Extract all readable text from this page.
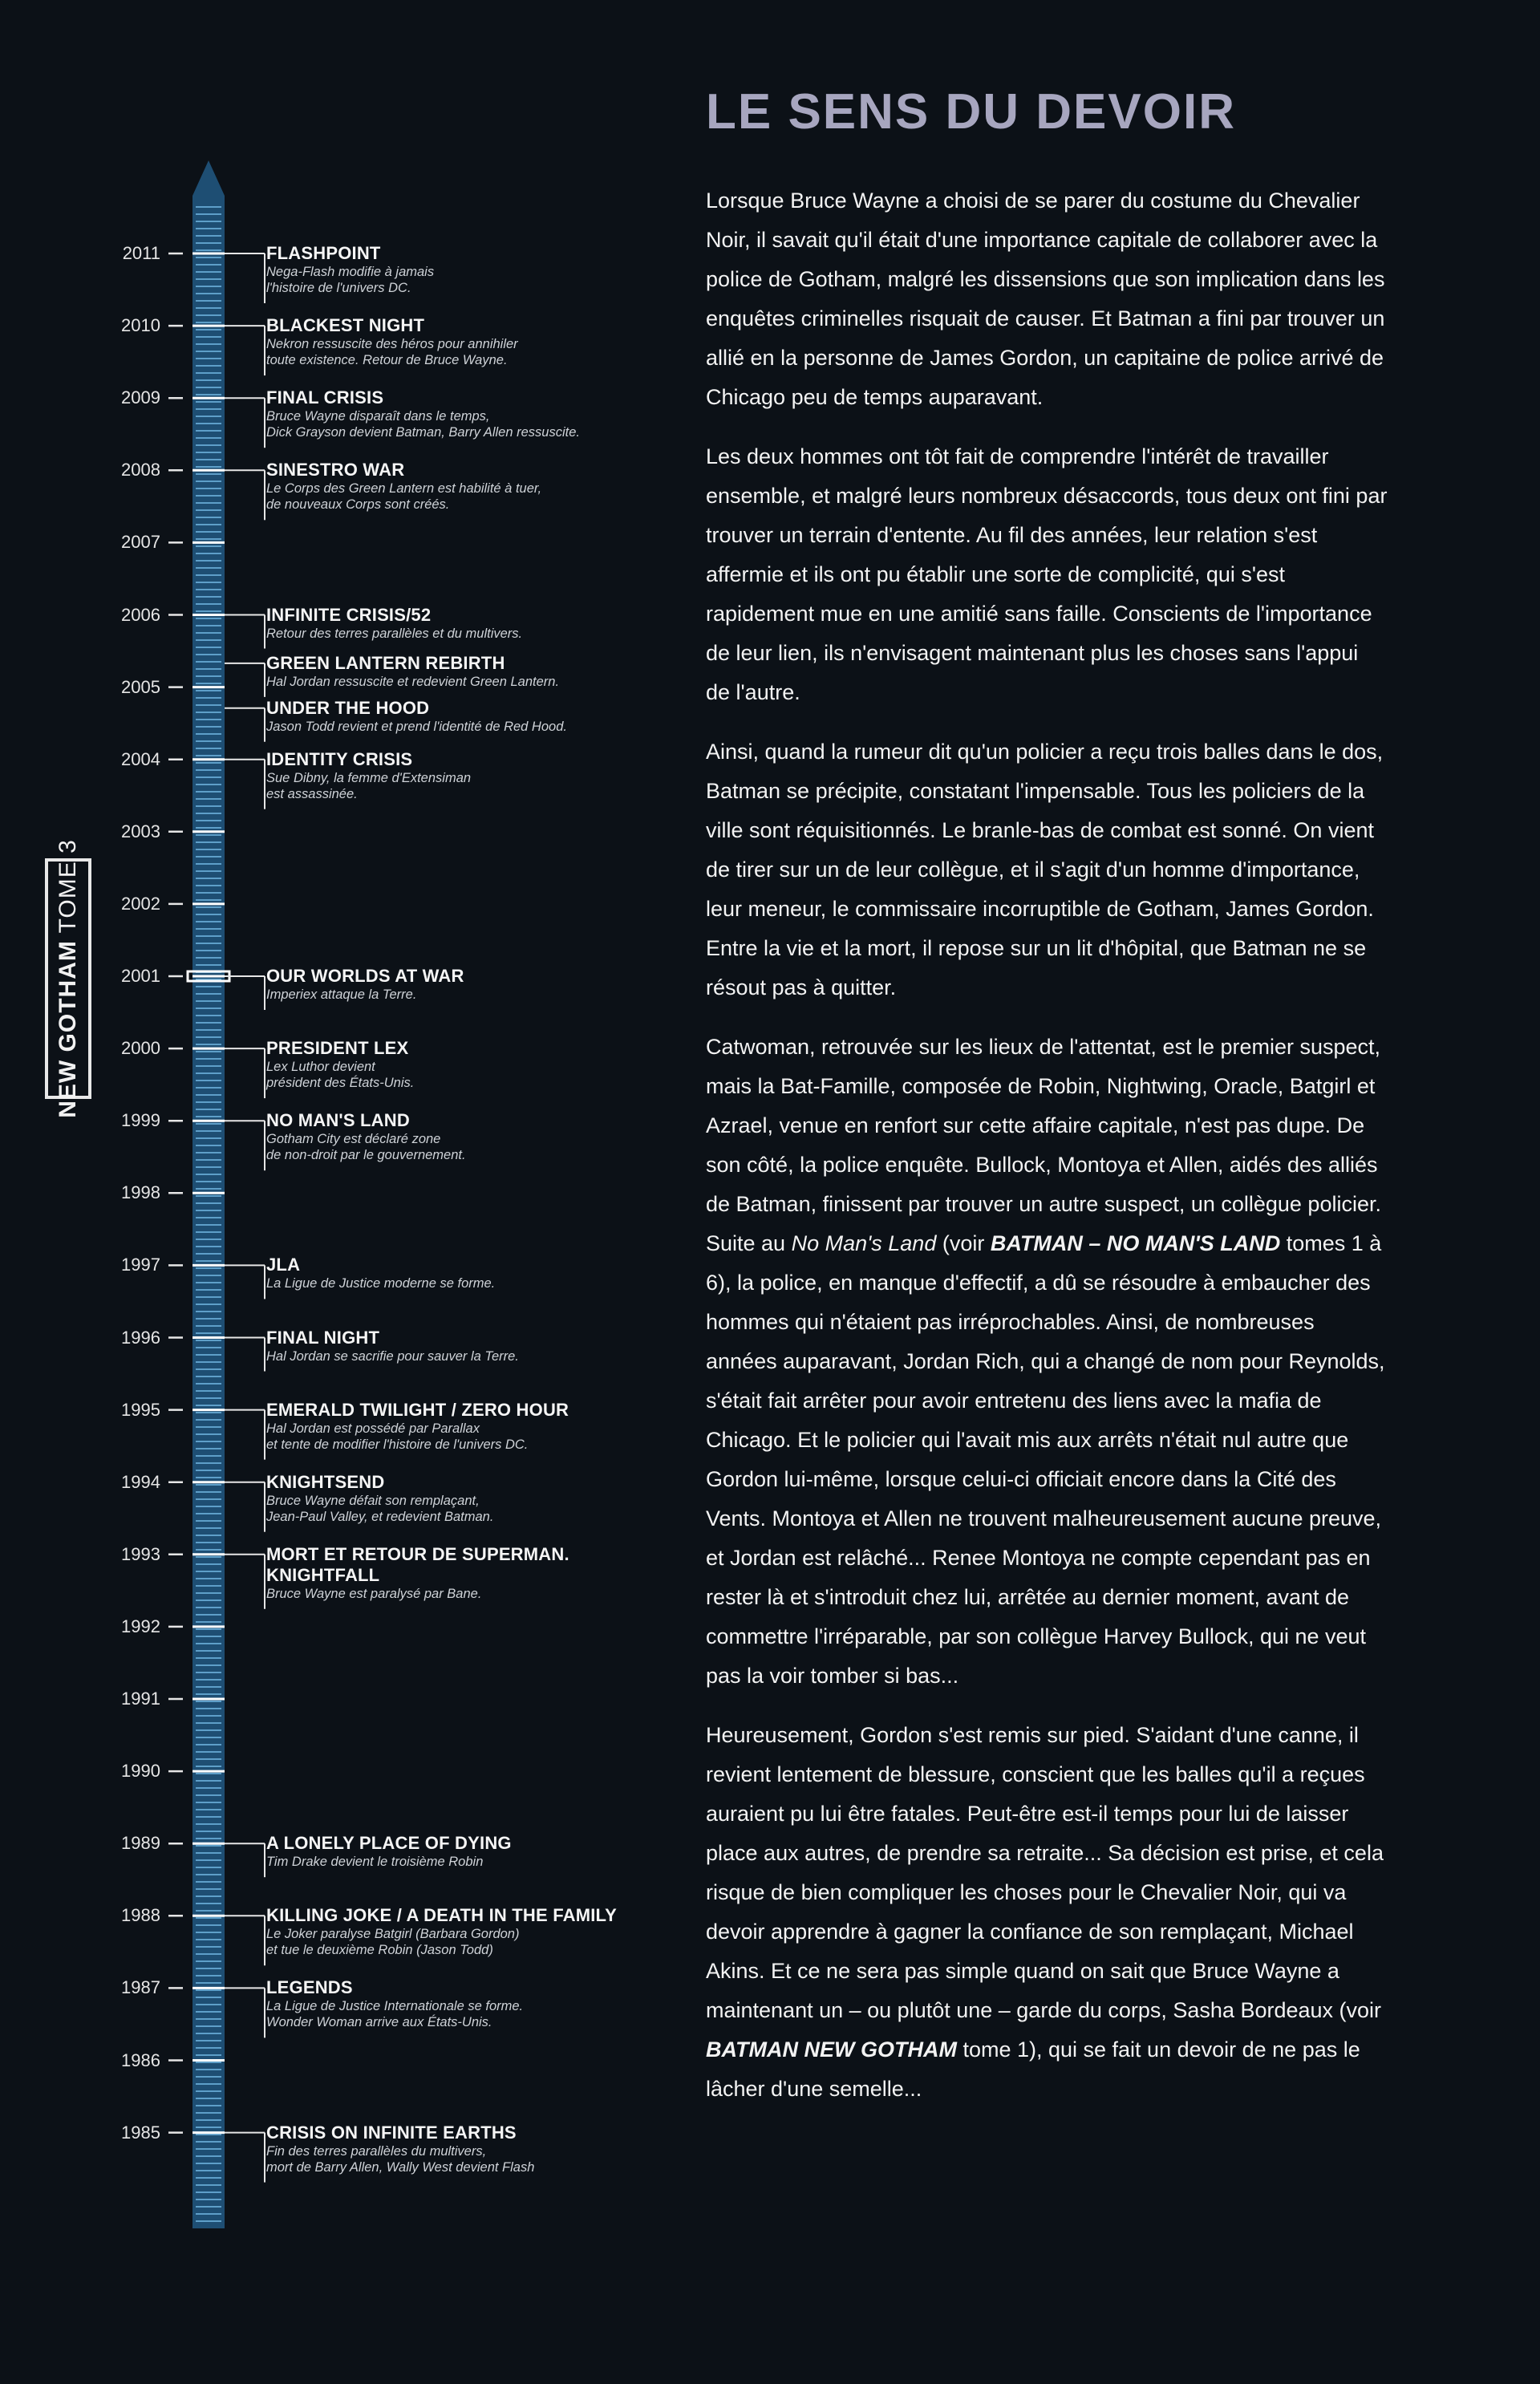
2011
2010
2009
2008
2007
2006
2005
2004
2003
2002
2001
2000
1999
1998
1997
1996
1995
1994
1993
1992
1991
1990
1989
1988
1987
1986
1985
FLASHPOINT
Nega-Flash modifie à jamais
l'histoire de l'univers DC.
BLACKEST NIGHT
Nekron ressuscite des héros pour annihiler
toute existence. Retour de Bruce Wayne.
FINAL CRISIS
Bruce Wayne disparaît dans le temps,
Dick Grayson devient Batman, Barry Allen ressuscite.
SINESTRO WAR
Le Corps des Green Lantern est habilité à tuer,
de nouveaux Corps sont créés.
INFINITE CRISIS/52
Retour des terres parallèles et du multivers.
GREEN LANTERN REBIRTH
Hal Jordan ressuscite et redevient Green Lantern.
UNDER THE HOOD
Jason Todd revient et prend l'identité de Red Hood.
IDENTITY CRISIS
Sue Dibny, la femme d'Extensiman
est assassinée.
OUR WORLDS AT WAR
Imperiex attaque la Terre.
PRESIDENT LEX
Lex Luthor devient
président des États-Unis.
NO MAN'S LAND
Gotham City est déclaré zone
de non-droit par le gouvernement.
JLA
La Ligue de Justice moderne se forme.
FINAL NIGHT
Hal Jordan se sacrifie pour sauver la Terre.
EMERALD TWILIGHT / ZERO HOUR
Hal Jordan est possédé par Parallax
et tente de modifier l'histoire de l'univers DC.
KNIGHTSEND
Bruce Wayne défait son remplaçant,
Jean-Paul Valley, et redevient Batman.
MORT ET RETOUR DE SUPERMAN.
KNIGHTFALL
Bruce Wayne est paralysé par Bane.
A LONELY PLACE OF DYING
Tim Drake devient le troisième Robin
KILLING JOKE / A DEATH IN THE FAMILY
Le Joker paralyse Batgirl (Barbara Gordon)
et tue le deuxième Robin (Jason Todd)
LEGENDS
La Ligue de Justice Internationale se forme.
Wonder Woman arrive aux États-Unis.
CRISIS ON INFINITE EARTHS
Fin des terres parallèles du multivers,
mort de Barry Allen, Wally West devient Flash
NEW GOTHAM TOME 3
LE SENS DU DEVOIR

Lorsque Bruce Wayne a choisi de se parer du costume du Chevalier Noir, il savait qu'il était d'une importance capitale de collaborer avec la police de Gotham, malgré les dissensions que son implication dans les enquêtes criminelles risquait de causer. Et Batman a fini par trouver un allié en la personne de James Gordon, un capitaine de police arrivé de Chicago peu de temps auparavant.

Les deux hommes ont tôt fait de comprendre l'intérêt de travailler ensemble, et malgré leurs nombreux désaccords, tous deux ont fini par trouver un terrain d'entente. Au fil des années, leur relation s'est affermie et ils ont pu établir une sorte de complicité, qui s'est rapidement mue en une amitié sans faille. Conscients de l'importance de leur lien, ils n'envisagent maintenant plus les choses sans l'appui de l'autre.

Ainsi, quand la rumeur dit qu'un policier a reçu trois balles dans le dos, Batman se précipite, constatant l'impensable. Tous les policiers de la ville sont réquisitionnés. Le branle-bas de combat est sonné. On vient de tirer sur un de leur collègue, et il s'agit d'un homme d'importance, leur meneur, le commissaire incorruptible de Gotham, James Gordon. Entre la vie et la mort, il repose sur un lit d'hôpital, que Batman ne se résout pas à quitter.

Catwoman, retrouvée sur les lieux de l'attentat, est le premier suspect, mais la Bat-Famille, composée de Robin, Nightwing, Oracle, Batgirl et Azrael, venue en renfort sur cette affaire capitale, n'est pas dupe. De son côté, la police enquête. Bullock, Montoya et Allen, aidés des alliés de Batman, finissent par trouver un autre suspect, un collègue policier. Suite au No Man's Land (voir BATMAN – NO MAN'S LAND tomes 1 à 6), la police, en manque d'effectif, a dû se résoudre à embaucher des hommes qui n'étaient pas irréprochables. Ainsi, de nombreuses années auparavant, Jordan Rich, qui a changé de nom pour Reynolds, s'était fait arrêter pour avoir entretenu des liens avec la mafia de Chicago. Et le policier qui l'avait mis aux arrêts n'était nul autre que Gordon lui-même, lorsque celui-ci officiait encore dans la Cité des Vents. Montoya et Allen ne trouvent malheureusement aucune preuve, et Jordan est relâché... Renee Montoya ne compte cependant pas en rester là et s'introduit chez lui, arrêtée au dernier moment, avant de commettre l'irréparable, par son collègue Harvey Bullock, qui ne veut pas la voir tomber si bas...

Heureusement, Gordon s'est remis sur pied. S'aidant d'une canne, il revient lentement de blessure, conscient que les balles qu'il a reçues auraient pu lui être fatales. Peut-être est-il temps pour lui de laisser place aux autres, de prendre sa retraite... Sa décision est prise, et cela risque de bien compliquer les choses pour le Chevalier Noir, qui va devoir apprendre à gagner la confiance de son remplaçant, Michael Akins. Et ce ne sera pas simple quand on sait que Bruce Wayne a maintenant un – ou plutôt une – garde du corps, Sasha Bordeaux (voir BATMAN NEW GOTHAM tome 1), qui se fait un devoir de ne pas le lâcher d'une semelle...
